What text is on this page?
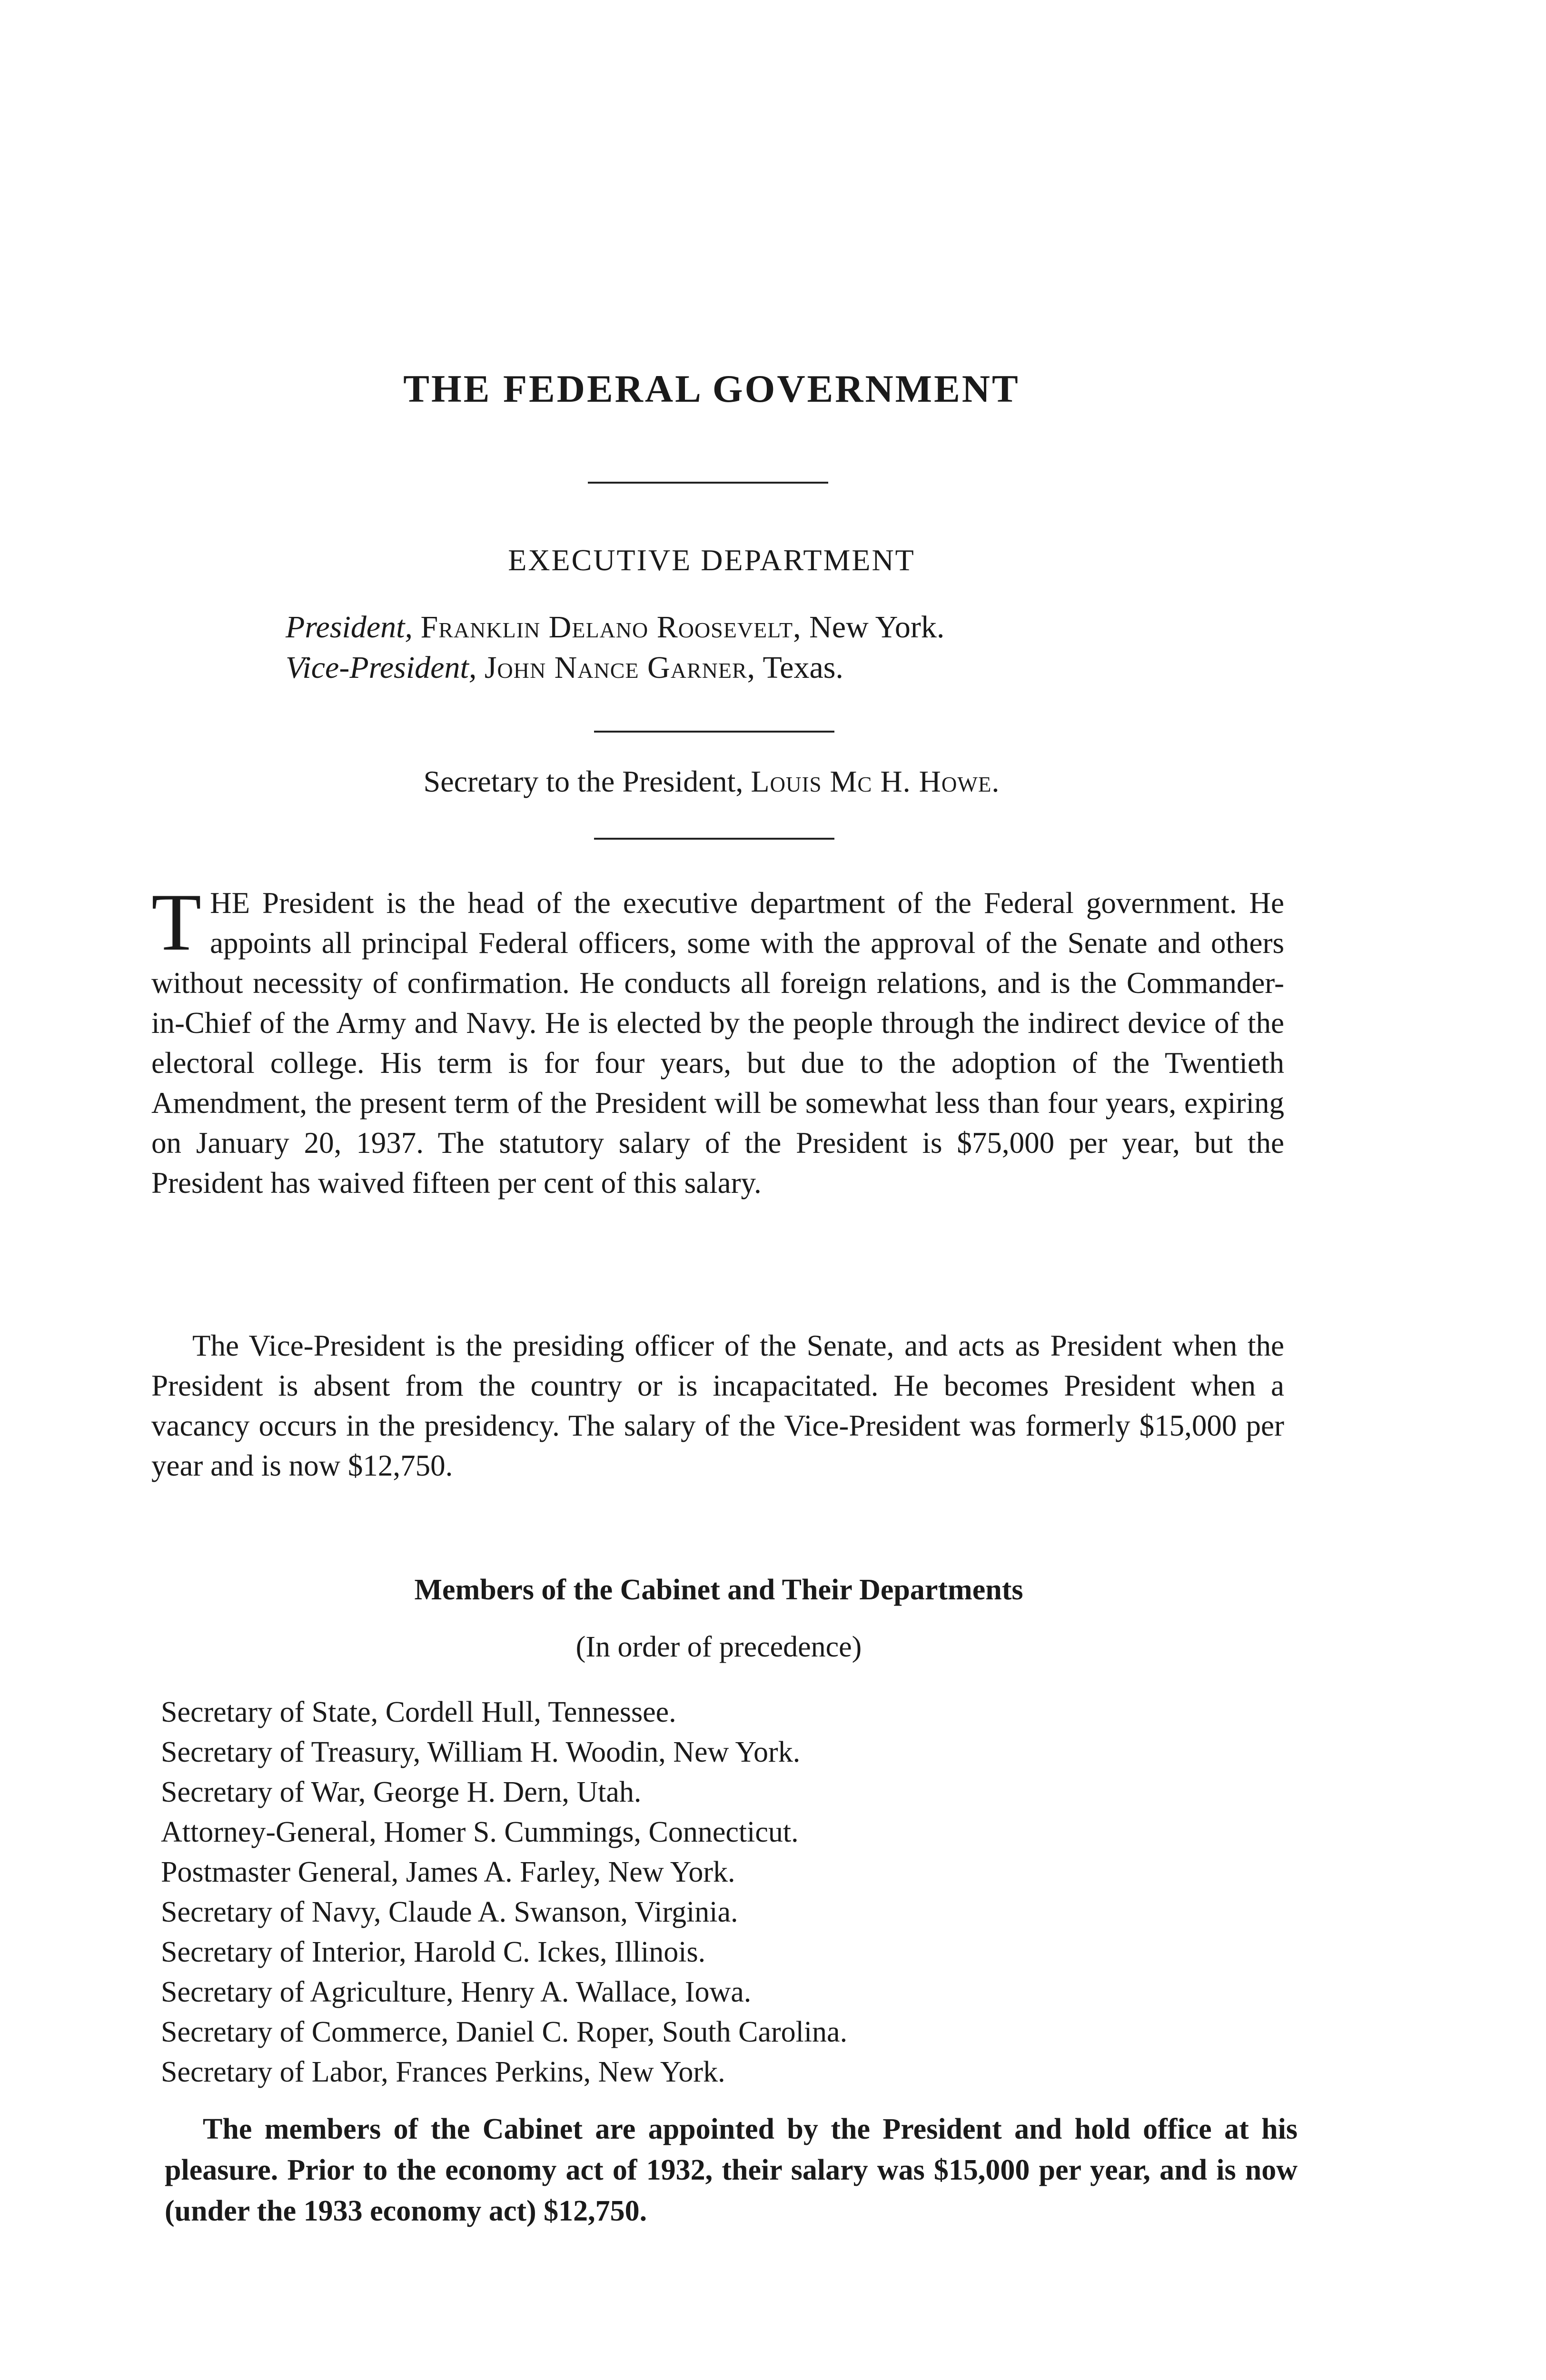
THE FEDERAL GOVERNMENT
EXECUTIVE DEPARTMENT
President, Franklin Delano Roosevelt, New York.
Vice-President, John Nance Garner, Texas.
Secretary to the President, Louis Mc H. Howe.
THE President is the head of the executive department of the Federal government. He appoints all principal Federal officers, some with the approval of the Senate and others without necessity of confirmation. He conducts all foreign relations, and is the Commander-in-Chief of the Army and Navy. He is elected by the people through the indirect device of the electoral college. His term is for four years, but due to the adoption of the Twentieth Amendment, the present term of the President will be somewhat less than four years, expiring on January 20, 1937. The statutory salary of the President is $75,000 per year, but the President has waived fifteen per cent of this salary.
The Vice-President is the presiding officer of the Senate, and acts as President when the President is absent from the country or is incapacitated. He becomes President when a vacancy occurs in the presidency. The salary of the Vice-President was formerly $15,000 per year and is now $12,750.
Members of the Cabinet and Their Departments
(In order of precedence)
Secretary of State, Cordell Hull, Tennessee.
Secretary of Treasury, William H. Woodin, New York.
Secretary of War, George H. Dern, Utah.
Attorney-General, Homer S. Cummings, Connecticut.
Postmaster General, James A. Farley, New York.
Secretary of Navy, Claude A. Swanson, Virginia.
Secretary of Interior, Harold C. Ickes, Illinois.
Secretary of Agriculture, Henry A. Wallace, Iowa.
Secretary of Commerce, Daniel C. Roper, South Carolina.
Secretary of Labor, Frances Perkins, New York.
The members of the Cabinet are appointed by the President and hold office at his pleasure. Prior to the economy act of 1932, their salary was $15,000 per year, and is now (under the 1933 economy act) $12,750.
